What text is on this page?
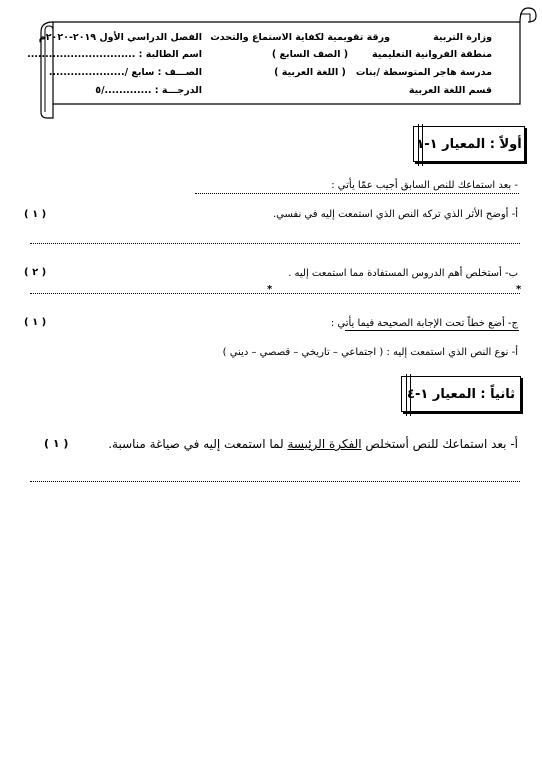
وزارة التربية
منطقة الفروانية التعليمية
مدرسة هاجر المتوسطة /بنات
قسم اللغة العربية
ورقة تقويمية لكفاية الاستماع والتحدث
( الصف السابع )
( اللغة العربية )
الفصل الدراسي الأول ٢٠١٩-٢٠٢٠م
اسم الطالبة : ..............................
الصـــف : سابع /.....................
الدرجـــة : ............./٥
أولاً : المعيار ١-١
- بعد استماعك للنص السابق أجيب عمّا يأتي :
أ- أوضح الأثر الذي تركه النص الذي استمعت إليه في نفسي.
( ١ )
ب- أستخلص أهم الدروس المستفادة مما استمعت إليه .
( ٢ )
*	*
ج- أضع خطاً تحت الإجابة الصحيحة فيما يأتي :
( ١ )
أ- نوع النص الذي استمعت إليه : ( اجتماعي – تاريخي – قصصي – ديني )
ثانياً : المعيار ١-٤
أ- بعد استماعك للنص أستخلص الفكرة الرئيسة لما استمعت إليه في صياغة مناسبة.
( ١ )
